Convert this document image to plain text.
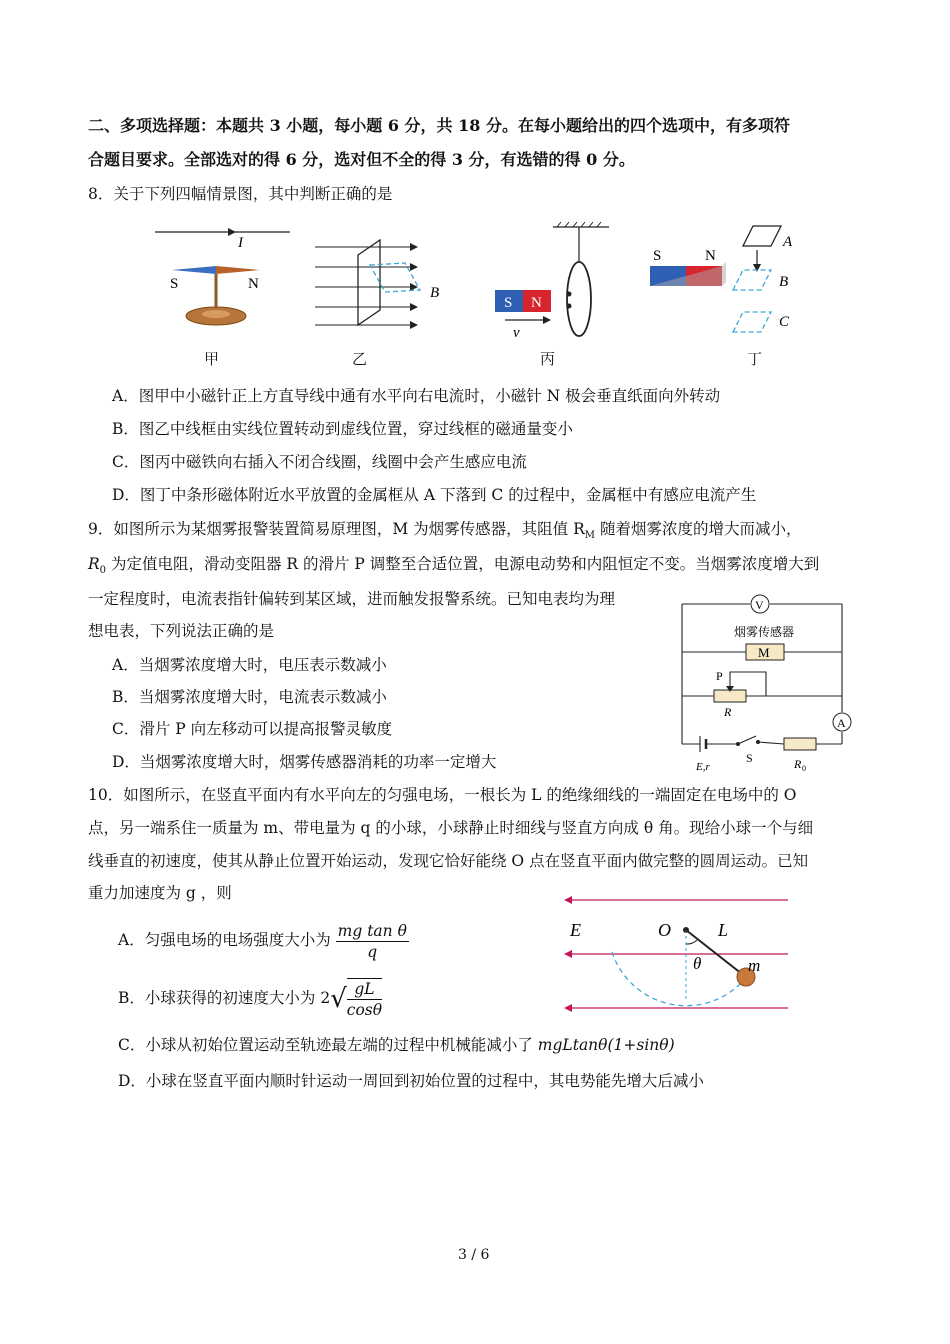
二、多项选择题：本题共 3 小题，每小题 6 分，共 18 分。在每小题给出的四个选项中，有多项符
合题目要求。全部选对的得 6 分，选对但不全的得 3 分，有选错的得 0 分。
8．关于下列四幅情景图，其中判断正确的是
I
S	N
甲
B
乙
S N
v
丙
S	N
A
B
C
丁
A．图甲中小磁针正上方直导线中通有水平向右电流时，小磁针 N 极会垂直纸面向外转动
B．图乙中线框由实线位置转动到虚线位置，穿过线框的磁通量变小
C．图丙中磁铁向右插入不闭合线圈，线圈中会产生感应电流
D．图丁中条形磁体附近水平放置的金属框从 A 下落到 C 的过程中，金属框中有感应电流产生
9．如图所示为某烟雾报警装置简易原理图，M 为烟雾传感器，其阻值 $R_M$ 随着烟雾浓度的增大而减小，
$R_0$ 为定值电阻，滑动变阻器 R 的滑片 P 调整至合适位置，电源电动势和内阻恒定不变。当烟雾浓度增大到
一定程度时，电流表指针偏转到某区域，进而触发报警系统。已知电表均为理
想电表，下列说法正确的是
A．当烟雾浓度增大时，电压表示数减小
B．当烟雾浓度增大时，电流表示数减小
C．滑片 P 向左移动可以提高报警灵敏度
D．当烟雾浓度增大时，烟雾传感器消耗的功率一定增大
V
烟雾传感器
M
P
R
A
E,r
S	R 0
10．如图所示，在竖直平面内有水平向左的匀强电场，一根长为 L 的绝缘细线的一端固定在电场中的 O
点，另一端系住一质量为 m、带电量为 q 的小球，小球静止时细线与竖直方向成 θ 角。现给小球一个与细
线垂直的初速度，使其从静止位置开始运动，发现它恰好能绕 O 点在竖直平面内做完整的圆周运动。已知
重力加速度为 g ，则
A．匀强电场的电场强度大小为 $\frac{\text{mg tan θ}}{q}$
B．小球获得的初速度大小为 $2√ \frac{gL}{\cos\theta}$
C．小球从初始位置运动至轨迹最左端的过程中机械能减小了 mgLtanθ(1+sinθ)
D．小球在竖直平面内顺时针运动一周回到初始位置的过程中，其电势能先增大后减小
E	O	L
θ	m
3 / 6
